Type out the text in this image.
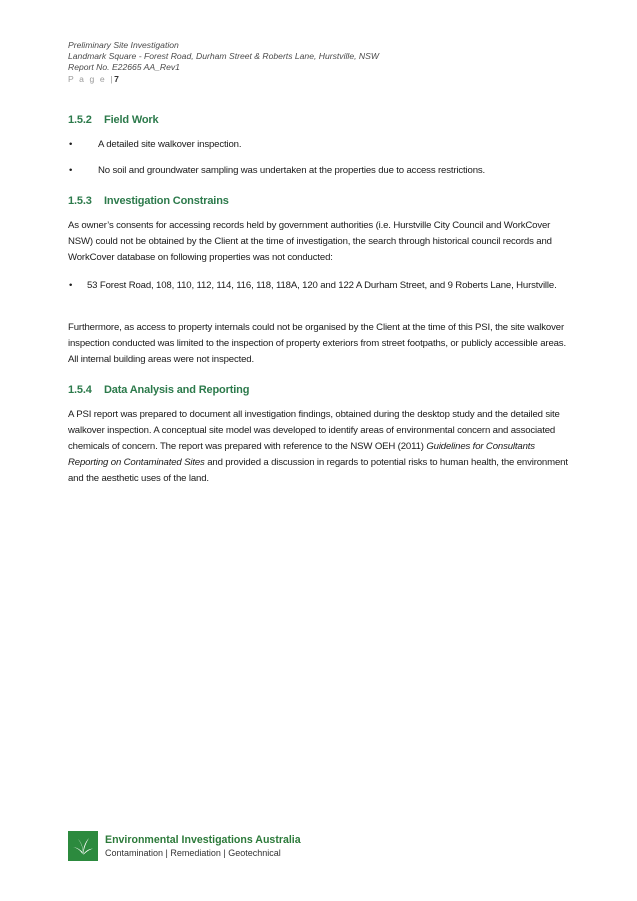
Preliminary Site Investigation
Landmark Square - Forest Road, Durham Street & Roberts Lane, Hurstville, NSW
Report No. E22665 AA_Rev1
P a g e |7
1.5.2 Field Work
•	A detailed site walkover inspection.
•	No soil and groundwater sampling was undertaken at the properties due to access restrictions.
1.5.3 Investigation Constrains

As owner’s consents for accessing records held by government authorities (i.e. Hurstville City Council and WorkCover NSW) could not be obtained by the Client at the time of investigation, the search through historical council records and WorkCover database on following properties was not conducted:

• 53 Forest Road, 108, 110, 112, 114, 116, 118, 118A, 120 and 122 A Durham Street, and 9 Roberts Lane, Hurstville.

Furthermore, as access to property internals could not be organised by the Client at the time of this PSI, the site walkover inspection conducted was limited to the inspection of property exteriors from street footpaths, or publicly accessible areas. All internal building areas were not inspected.

1.5.4 Data Analysis and Reporting

A PSI report was prepared to document all investigation findings, obtained during the desktop study and the detailed site walkover inspection. A conceptual site model was developed to identify areas of environmental concern and associated chemicals of concern. The report was prepared with reference to the NSW OEH (2011) Guidelines for Consultants Reporting on Contaminated Sites and provided a discussion in regards to potential risks to human health, the environment and the aesthetic uses of the land.

Environmental Investigations Australia
Contamination | Remediation | Geotechnical
